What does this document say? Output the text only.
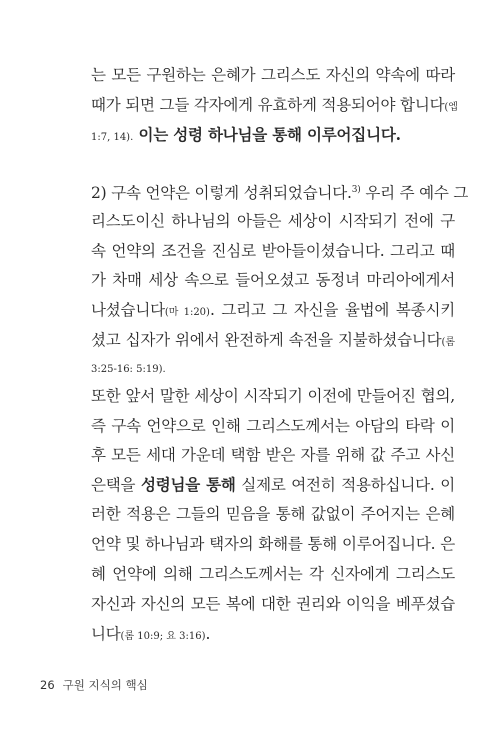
는 모든 구원하는 은혜가 그리스도 자신의 약속에 따라
때가 되면 그들 각자에게 유효하게 적용되어야 합니다(엡
1:7, 14). 이는 성령 하나님을 통해 이루어집니다.
2) 구속 언약은 이렇게 성취되었습니다.$^{3)}$ 우리 주 예수 그
리스도이신 하나님의 아들은 세상이 시작되기 전에 구
속 언약의 조건을 진심로 받아들이셨습니다. 그리고 때
가 차매 세상 속으로 들어오셨고 동정녀 마리아에게서
나셨습니다(마 1:20). 그리고 그 자신을 율법에 복종시키
셨고 십자가 위에서 완전하게 속전을 지불하셨습니다(롬
3:25-16: 5:19).
또한 앞서 말한 세상이 시작되기 이전에 만들어진 협의,
즉 구속 언약으로 인해 그리스도께서는 아담의 타락 이
후 모든 세대 가운데 택함 받은 자를 위해 값 주고 사신
은택을 성령님을 통해 실제로 여전히 적용하십니다. 이
러한 적용은 그들의 믿음을 통해 값없이 주어지는 은혜
언약 및 하나님과 택자의 화해를 통해 이루어집니다. 은
혜 언약에 의해 그리스도께서는 각 신자에게 그리스도
자신과 자신의 모든 복에 대한 권리와 이익을 베푸셨습
니다(롬 10:9; 요 3:16).
26 구원 지식의 핵심
